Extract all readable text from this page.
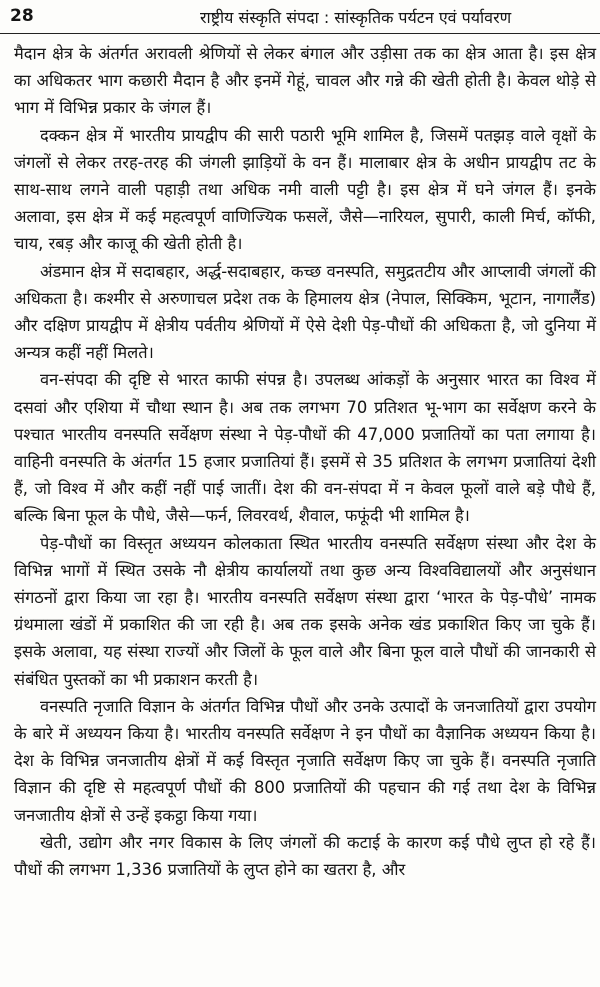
28	राष्ट्रीय संस्कृति संपदा : सांस्कृतिक पर्यटन एवं पर्यावरण

मैदान क्षेत्र के अंतर्गत अरावली श्रेणियों से लेकर बंगाल और उड़ीसा तक का क्षेत्र आता है। इस क्षेत्र का अधिकतर भाग कछारी मैदान है और इनमें गेहूं, चावल और गन्ने की खेती होती है। केवल थोड़े से भाग में विभिन्न प्रकार के जंगल हैं।

दक्कन क्षेत्र में भारतीय प्रायद्वीप की सारी पठारी भूमि शामिल है, जिसमें पतझड़ वाले वृक्षों के जंगलों से लेकर तरह-तरह की जंगली झाड़ियों के वन हैं। मालाबार क्षेत्र के अधीन प्रायद्वीप तट के साथ-साथ लगने वाली पहाड़ी तथा अधिक नमी वाली पट्टी है। इस क्षेत्र में घने जंगल हैं। इनके अलावा, इस क्षेत्र में कई महत्वपूर्ण वाणिज्यिक फसलें, जैसे—नारियल, सुपारी, काली मिर्च, कॉफी, चाय, रबड़ और काजू की खेती होती है।

अंडमान क्षेत्र में सदाबहार, अर्द्ध-सदाबहार, कच्छ वनस्पति, समुद्रतटीय और आप्लावी जंगलों की अधिकता है। कश्मीर से अरुणाचल प्रदेश तक के हिमालय क्षेत्र (नेपाल, सिक्किम, भूटान, नागालैंड) और दक्षिण प्रायद्वीप में क्षेत्रीय पर्वतीय श्रेणियों में ऐसे देशी पेड़-पौधों की अधिकता है, जो दुनिया में अन्यत्र कहीं नहीं मिलते।

वन-संपदा की दृष्टि से भारत काफी संपन्न है। उपलब्ध आंकड़ों के अनुसार भारत का विश्व में दसवां और एशिया में चौथा स्थान है। अब तक लगभग 70 प्रतिशत भू-भाग का सर्वेक्षण करने के पश्चात भारतीय वनस्पति सर्वेक्षण संस्था ने पेड़-पौधों की 47,000 प्रजातियों का पता लगाया है। वाहिनी वनस्पति के अंतर्गत 15 हजार प्रजातियां हैं। इसमें से 35 प्रतिशत के लगभग प्रजातियां देशी हैं, जो विश्व में और कहीं नहीं पाई जातीं। देश की वन-संपदा में न केवल फूलों वाले बड़े पौधे हैं, बल्कि बिना फूल के पौधे, जैसे—फर्न, लिवरवर्थ, शैवाल, फफूंदी भी शामिल है।

पेड़-पौधों का विस्तृत अध्ययन कोलकाता स्थित भारतीय वनस्पति सर्वेक्षण संस्था और देश के विभिन्न भागों में स्थित उसके नौ क्षेत्रीय कार्यालयों तथा कुछ अन्य विश्वविद्यालयों और अनुसंधान संगठनों द्वारा किया जा रहा है। भारतीय वनस्पति सर्वेक्षण संस्था द्वारा ‘भारत के पेड़-पौधे’ नामक ग्रंथमाला खंडों में प्रकाशित की जा रही है। अब तक इसके अनेक खंड प्रकाशित किए जा चुके हैं। इसके अलावा, यह संस्था राज्यों और जिलों के फूल वाले और बिना फूल वाले पौधों की जानकारी से संबंधित पुस्तकों का भी प्रकाशन करती है।

वनस्पति नृजाति विज्ञान के अंतर्गत विभिन्न पौधों और उनके उत्पादों के जनजातियों द्वारा उपयोग के बारे में अध्ययन किया है। भारतीय वनस्पति सर्वेक्षण ने इन पौधों का वैज्ञानिक अध्ययन किया है। देश के विभिन्न जनजातीय क्षेत्रों में कई विस्तृत नृजाति सर्वेक्षण किए जा चुके हैं। वनस्पति नृजाति विज्ञान की दृष्टि से महत्वपूर्ण पौधों की 800 प्रजातियों की पहचान की गई तथा देश के विभिन्न जनजातीय क्षेत्रों से उन्हें इकट्ठा किया गया।

खेती, उद्योग और नगर विकास के लिए जंगलों की कटाई के कारण कई पौधे लुप्त हो रहे हैं। पौधों की लगभग 1,336 प्रजातियों के लुप्त होने का खतरा है, और
